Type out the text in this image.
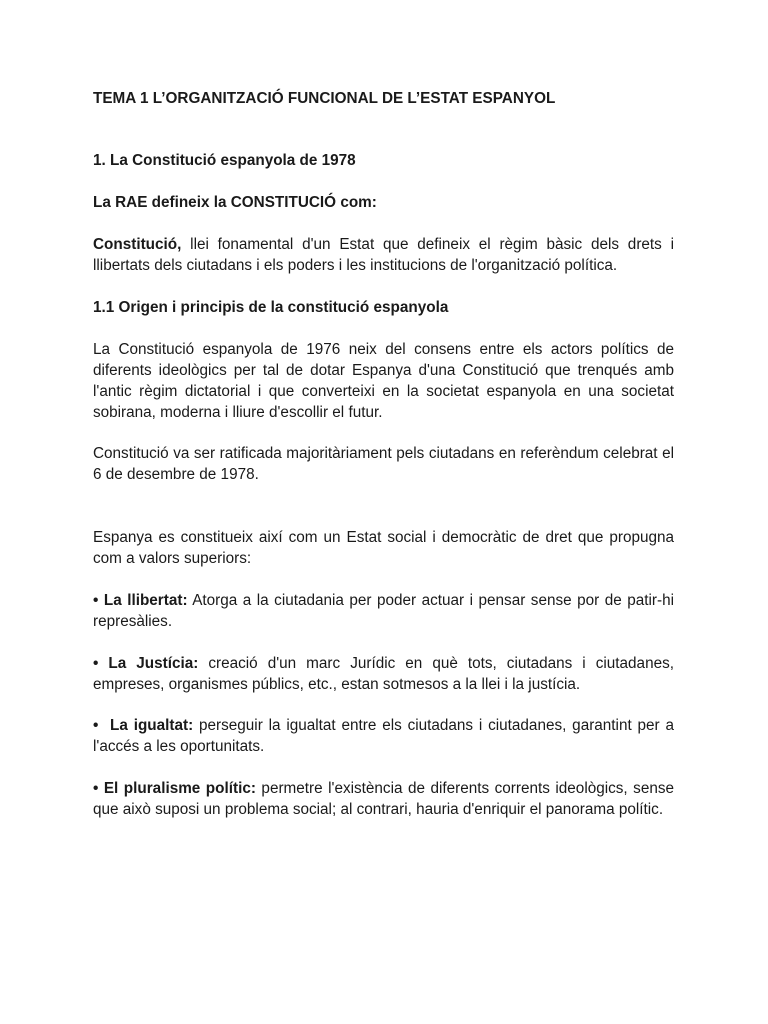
TEMA 1 L’ORGANITZACIÓ FUNCIONAL DE L’ESTAT ESPANYOL
1. La Constitució espanyola de 1978
La RAE defineix la CONSTITUCIÓ com:
Constitució, llei fonamental d'un Estat que defineix el règim bàsic dels drets i llibertats dels ciutadans i els poders i les institucions de l'organització política.
1.1 Origen i principis de la constitució espanyola
La Constitució espanyola de 1976 neix del consens entre els actors polítics de diferents ideològics per tal de dotar Espanya d'una Constitució que trenqués amb l'antic règim dictatorial i que converteixi en la societat espanyola en una societat sobirana, moderna i lliure d'escollir el futur.
Constitució va ser ratificada majoritàriament pels ciutadans en referèndum celebrat el 6 de desembre de 1978.
Espanya es constitueix així com un Estat social i democràtic de dret que propugna com a valors superiors:
• La llibertat: Atorga a la ciutadania per poder actuar i pensar sense por de patir-hi represàlies.
• La Justícia: creació d'un marc Jurídic en què tots, ciutadans i ciutadanes, empreses, organismes públics, etc., estan sotmesos a la llei i la justícia.
•  La igualtat: perseguir la igualtat entre els ciutadans i ciutadanes, garantint per a l'accés a les oportunitats.
• El pluralisme polític: permetre l'existència de diferents corrents ideològics, sense que això suposi un problema social; al contrari, hauria d'enriquir el panorama polític.
